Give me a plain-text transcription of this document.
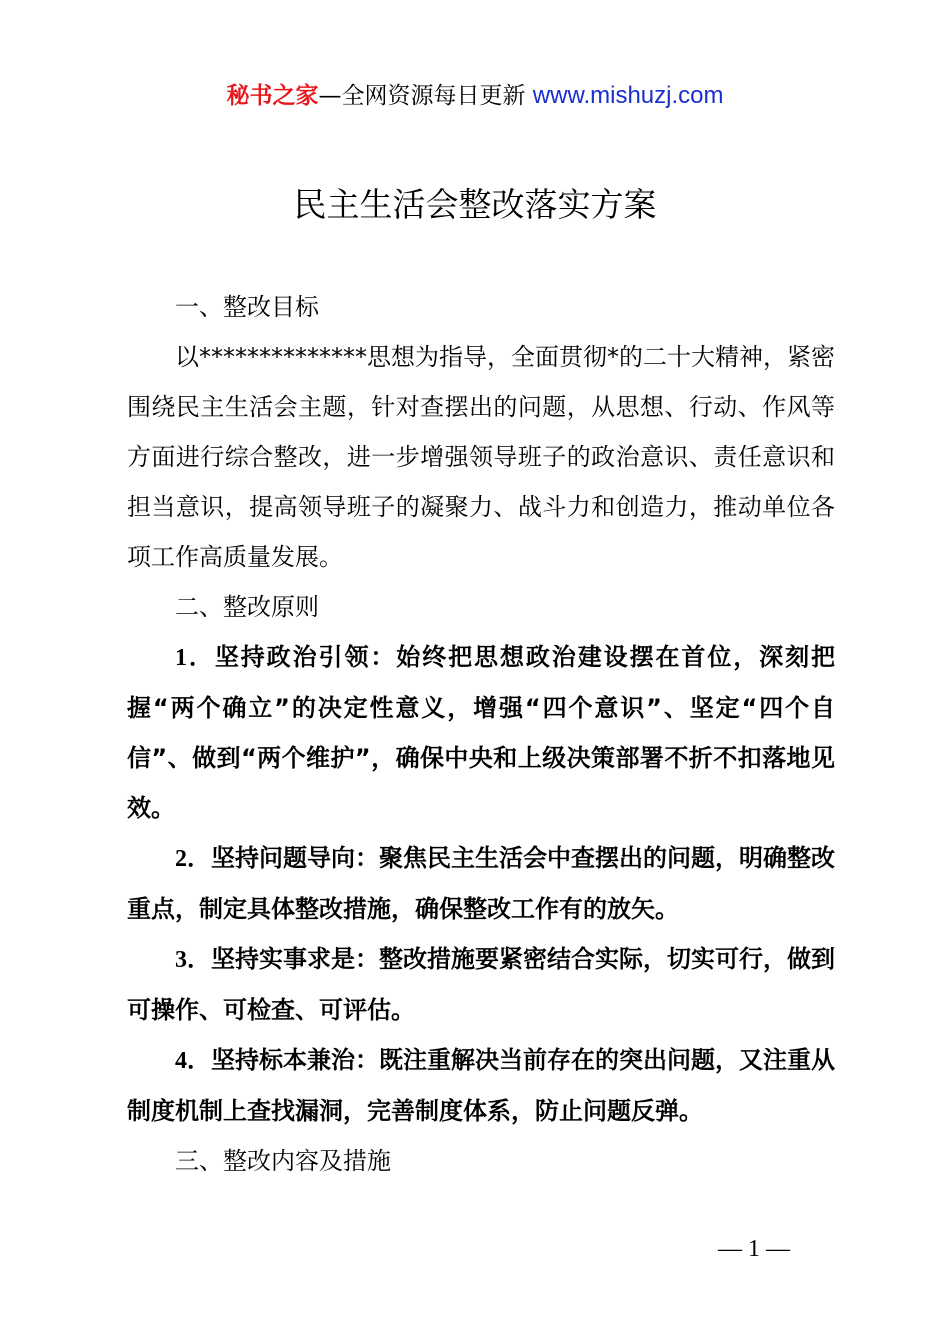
秘书之家—全网资源每日更新 www.mishuzj.com
民主生活会整改落实方案

一、整改目标

以**************思想为指导，全面贯彻*的二十大精神，紧密围绕民主生活会主题，针对查摆出的问题，从思想、行动、作风等方面进行综合整改，进一步增强领导班子的政治意识、责任意识和担当意识，提高领导班子的凝聚力、战斗力和创造力，推动单位各项工作高质量发展。

二、整改原则

1．坚持政治引领：始终把思想政治建设摆在首位，深刻把握“两个确立”的决定性意义，增强“四个意识”、坚定“四个自信”、做到“两个维护”，确保中央和上级决策部署不折不扣落地见效。

2．坚持问题导向：聚焦民主生活会中查摆出的问题，明确整改重点，制定具体整改措施，确保整改工作有的放矢。

3．坚持实事求是：整改措施要紧密结合实际，切实可行，做到可操作、可检查、可评估。

4．坚持标本兼治：既注重解决当前存在的突出问题，又注重从制度机制上查找漏洞，完善制度体系，防止问题反弹。

三、整改内容及措施

— 1 —
